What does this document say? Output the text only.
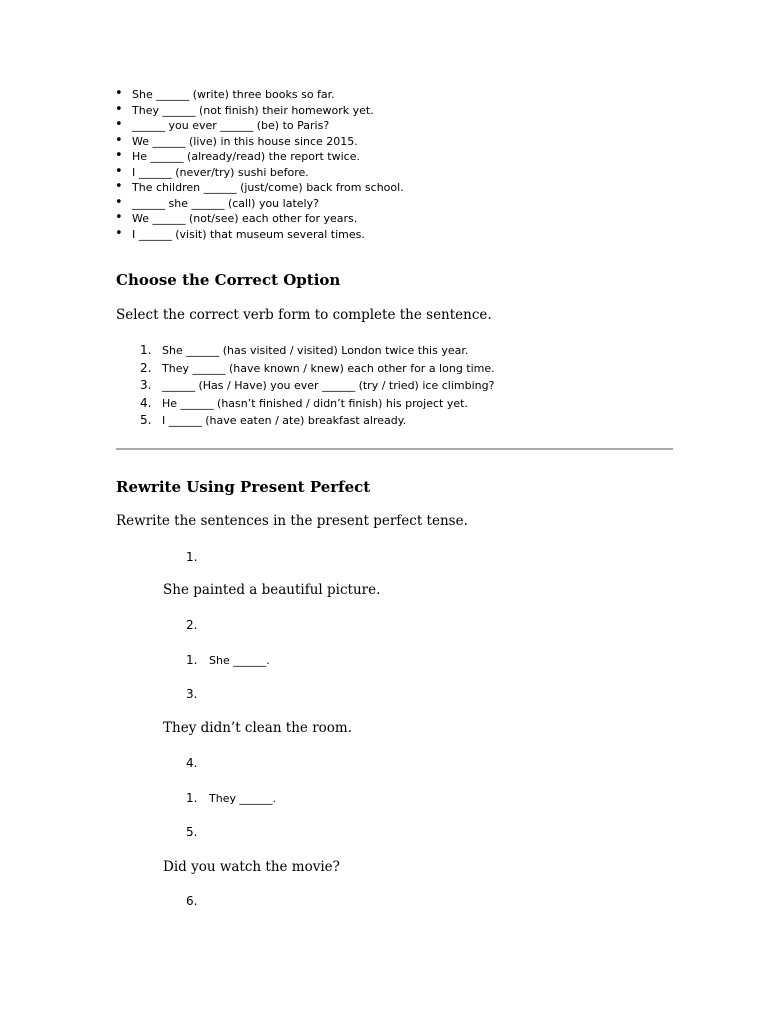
• She ______ (write) three books so far.
• They ______ (not finish) their homework yet.
• ______ you ever ______ (be) to Paris?
• We ______ (live) in this house since 2015.
• He ______ (already/read) the report twice.
• I ______ (never/try) sushi before.
• The children ______ (just/come) back from school.
• ______ she ______ (call) you lately?
• We ______ (not/see) each other for years.
• I ______ (visit) that museum several times.
Choose the Correct Option

Select the correct verb form to complete the sentence.

1. She ______ (has visited / visited) London twice this year.
2. They ______ (have known / knew) each other for a long time.
3. ______ (Has / Have) you ever ______ (try / tried) ice climbing?
4. He ______ (hasn’t finished / didn’t finish) his project yet.
5. I ______ (have eaten / ate) breakfast already.
Rewrite Using Present Perfect

Rewrite the sentences in the present perfect tense.

1.
She painted a beautiful picture.
2.
1. She ______.
3.
They didn’t clean the room.
4.
1. They ______.
5.
Did you watch the movie?
6.
